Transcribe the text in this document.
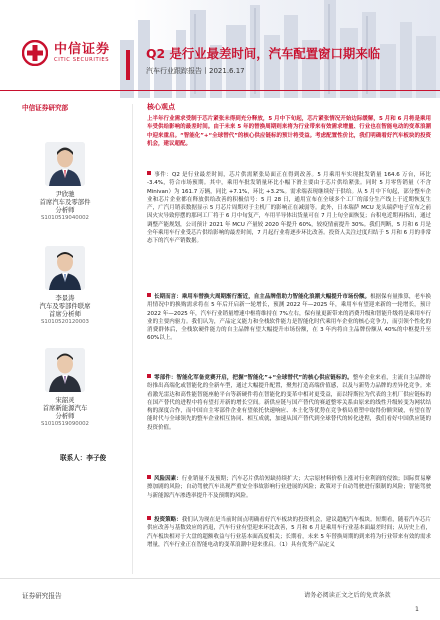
中信证券
CITIC SECURITIES	Q2 是行业最差时间，汽车配置窗口期来临
汽车行业跟踪报告丨2021.6.17
中信证券研究部
尹欣驰
首席汽车及零部件
分析师
S1010519040002
李景涛
汽车及零部件联席
首席分析师
S1010520120003
宋韶灵
首席新能源汽车
分析师
S1010519090002
联系人：李子俊
核心观点
上半年行业需求受制于芯片紧张未得到充分释放，5 月中下旬起，芯片紧张情况开始边际缓解，5 月和 6 月将是乘用车受供给影响的最差时间。由于未来 5 年的替换周期则来将为行业带来有效需求增量、行业也在智能电动的变革浪潮中迎来重启。“智能化”+“全球替代”的核心供应链标的预计将受益。考虑配置性价比，我们明确看好汽车板块的投资机会，建议超配。
事件：Q2 是行业最差时间，芯片供需紧张局面正在得到改善。5 月乘用车实现批发销量 164.6 万台，环比 -3.4%，符合市场预期。其中，乘用车批发销量环比小幅下滑主要由于芯片供给紧张。同时 5 月零售销量（不含 Minivan）为 161.7 万辆，同比 +7.1%，环比 +3.2%。需求端表现继续好于供给。从 5 月中下旬起，部分整车企业和芯片企业都在释放供给改善的积极信号：5 月 28 日，通用宣布在全球多个工厂的部分生产线上于近期恢复生产，广汽月销表数据显示 5 月芯片周期对于主机厂的影响正在减弱等。此外，日本瑞萨 MCU 龙头瑞萨电子宣布之前因火灾导致停摆的那珂工厂将于 6 月中旬复产，车用半导体出货量可在 7 月上旬全面恢复；台积电近期再指出，通过调整产能规划，公司预计 2021 年 MCU 产量较 2020 年提升 60%，较疫情前提升 30%。我们判断，5 月和 6 月是全年乘用车行业受芯片供给影响的最差时间，7 月起行业将逐步环比改善。投资人关注过度归结于 5 月和 6 月的非常态下的汽车产销数据。
长期而言：乘用车替换大周期渐行渐近，自主品牌借助力智能化浪潮大幅提升市场份额。根据保有量推算，老车换用情况中的换购需求将在 5 年后开启新一轮增长，预测 2022 年—2025 年，乘用车有望迎来新的一轮增长，预计 2022 年—2025 年，汽车行业销量增速中枢将维持在 7%左右，保有量更新带来的消费升级和智能升级将是乘用车行业的主要内驱力。我们认为，产品定义能力和全栈软件能力是智能化时代乘用车企业的核心竞争力，而引领个性化的消费群体后，全栈软硬件能力的自主品牌有望大幅提升市场份额，在 3 年内将自主品牌份额从 40%的中枢提升至 60%以上。
零部件：智能化军备竞赛开启，把握“智能化”+“全球替代”的核心供应链标的。整车企业来看，主流自主品牌纷纷推出高端化或智能化的全新车型，通过大幅提升配置，聚焦打造高端价值感，以及与新势力品牌的差异化竞争。来看激光雷达和高性能智能座舱平台等新硬件将在智能化的变革中相对更受益，而以特斯拉为代表的主机厂供应链标的在国产替代的进程中将有望打开新的增长空间。新供应链与国产替代的赛道整零关系由原来的线性升级转变为网状结构的深度合作，而中国自主零部件企业有望依托快速响应、本土化等优势在竞争格局重塑中取得份额突破，有望在智能时代与全球领先的整车企业相互协同、相互成就，加速从国产替代到全球替代的转化进程，我们看好中国供应链的投资价值。
风险因素：行业销量不及预期；汽车芯片供给短缺持续扩大；大宗原材料价格上涨对行业利润的侵蚀；国际贸易摩擦加剧的风险；自动驾驶汽车出现严重安全事故影响行业进展的风险；政策对于自动驾驶进行限制的风险；智能驾驶与新能源汽车渗透率提升不及预期的风险。
投资策略：我们认为现在是当前时间点明确看好汽车板块的投资机会，建议超配汽车板块。短期看，随着汽车芯片供应改善与基数效应的消退，汽车行业有望迎来环比改善，5 月和 6 月是乘用车行业基本面最差时间；从历史上看，汽车板块相对于大盘的超额收益与行业基本面高度相关；长期看，未来 5 年替换周期的到来将为行业带来有效的需求增量，汽车行业正在智能电动的变革浪潮中迎来重启。（1）具有优秀产品定义
证券研究报告	请务必阅读正文之后的免责条款
1
